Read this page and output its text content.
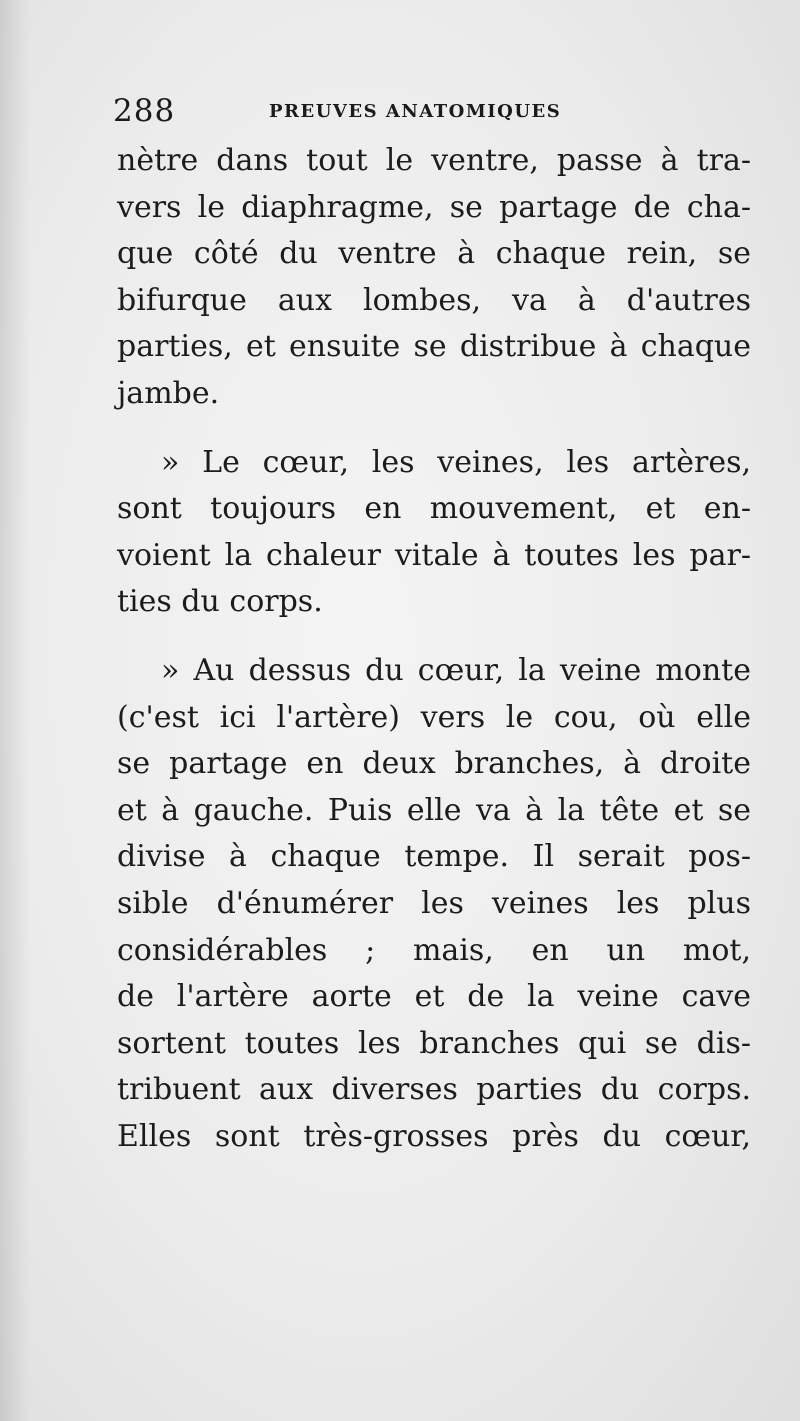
288	PREUVES ANATOMIQUES
nètre dans tout le ventre, passe à tra-
vers le diaphragme, se partage de cha-
que côté du ventre à chaque rein, se
bifurque aux lombes, va à d'autres
parties, et ensuite se distribue à chaque
jambe.
» Le cœur, les veines, les artères,
sont toujours en mouvement, et en-
voient la chaleur vitale à toutes les par-
ties du corps.
» Au dessus du cœur, la veine monte
(c'est ici l'artère) vers le cou, où elle
se partage en deux branches, à droite
et à gauche. Puis elle va à la tête et se
divise à chaque tempe. Il serait pos-
sible d'énumérer les veines les plus
considérables ; mais, en un mot,
de l'artère aorte et de la veine cave
sortent toutes les branches qui se dis-
tribuent aux diverses parties du corps.
Elles sont très-grosses près du cœur,
